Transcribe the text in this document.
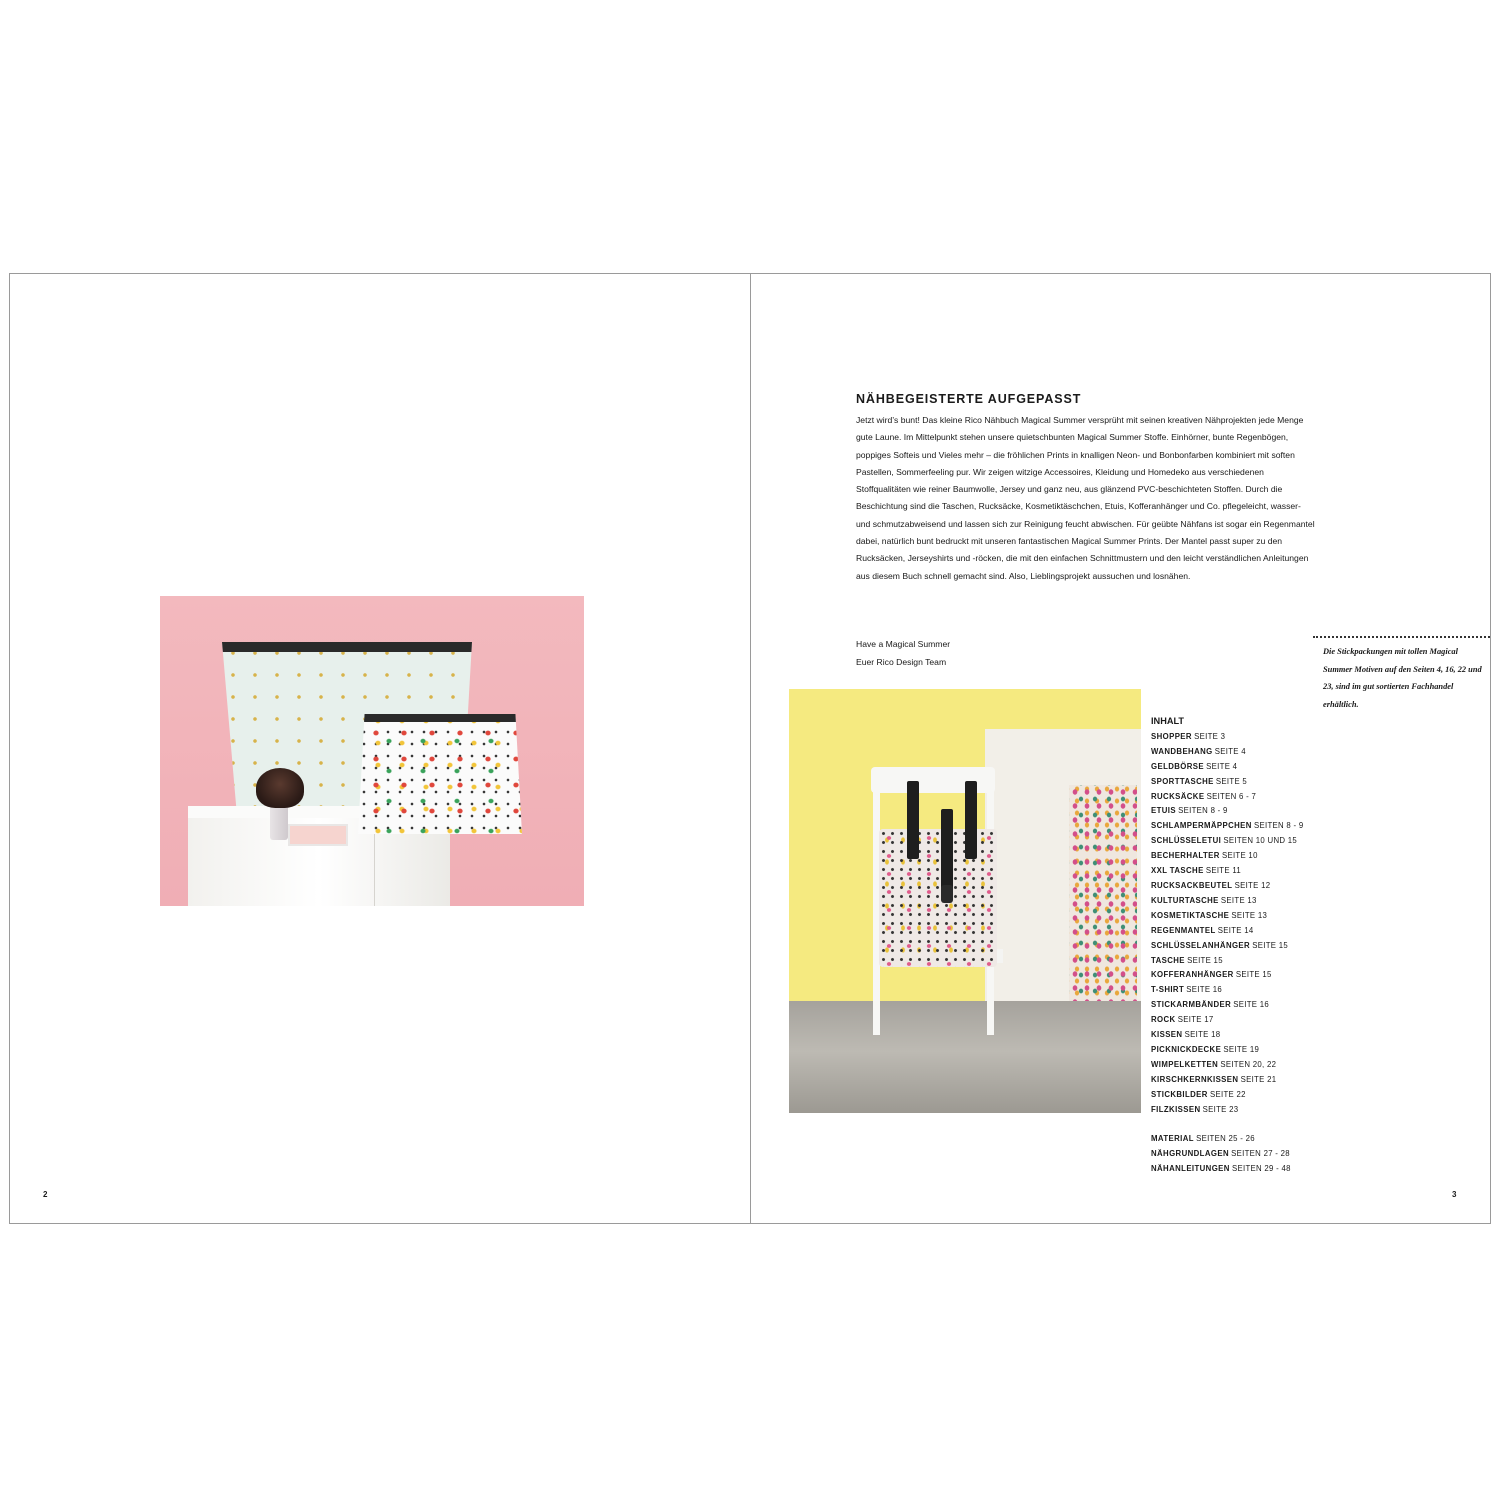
2
NÄHBEGEISTERTE AUFGEPASST

Jetzt wird’s bunt! Das kleine Rico Nähbuch Magical Summer versprüht mit seinen kreativen Nähprojekten jede Menge gute Laune. Im Mittelpunkt stehen unsere quietschbunten Magical Summer Stoffe. Einhörner, bunte Regenbögen, poppiges Softeis und Vieles mehr – die fröhlichen Prints in knalligen Neon- und Bonbonfarben kombiniert mit soften Pastellen, Sommerfeeling pur. Wir zeigen witzige Accessoires, Kleidung und Homedeko aus verschiedenen Stoffqualitäten wie reiner Baumwolle, Jersey und ganz neu, aus glänzend PVC-beschichteten Stoffen. Durch die Beschichtung sind die Taschen, Rucksäcke, Kosmetiktäschchen, Etuis, Kofferanhänger und Co. pflegeleicht, wasser- und schmutzabweisend und lassen sich zur Reinigung feucht abwischen. Für geübte Nähfans ist sogar ein Regenmantel dabei, natürlich bunt bedruckt mit unseren fantastischen Magical Summer Prints. Der Mantel passt super zu den Rucksäcken, Jerseyshirts und -röcken, die mit den einfachen Schnittmustern und den leicht verständlichen Anleitungen aus diesem Buch schnell gemacht sind. Also, Lieblingsprojekt aussuchen und losnähen.

Have a Magical Summer
Euer Rico Design Team
Die Stickpackungen mit tollen Magical Summer Motiven auf den Seiten 4, 16, 22 und 23, sind im gut sortierten Fachhandel erhältlich.
INHALT
SHOPPER SEITE 3
WANDBEHANG SEITE 4
GELDBÖRSE SEITE 4
SPORTTASCHE SEITE 5
RUCKSÄCKE SEITEN 6 - 7
ETUIS SEITEN 8 - 9
SCHLAMPERMÄPPCHEN SEITEN 8 - 9
SCHLÜSSELETUI SEITEN 10 UND 15
BECHERHALTER SEITE 10
XXL TASCHE SEITE 11
RUCKSACKBEUTEL SEITE 12
KULTURTASCHE SEITE 13
KOSMETIKTASCHE SEITE 13
REGENMANTEL SEITE 14
SCHLÜSSELANHÄNGER SEITE 15
TASCHE SEITE 15
KOFFERANHÄNGER SEITE 15
T-SHIRT SEITE 16
STICKARMBÄNDER SEITE 16
ROCK SEITE 17
KISSEN SEITE 18
PICKNICKDECKE SEITE 19
WIMPELKETTEN SEITEN 20, 22
KIRSCHKERNKISSEN SEITE 21
STICKBILDER SEITE 22
FILZKISSEN SEITE 23
MATERIAL SEITEN 25 - 26
NÄHGRUNDLAGEN SEITEN 27 - 28
NÄHANLEITUNGEN SEITEN 29 - 48
3
